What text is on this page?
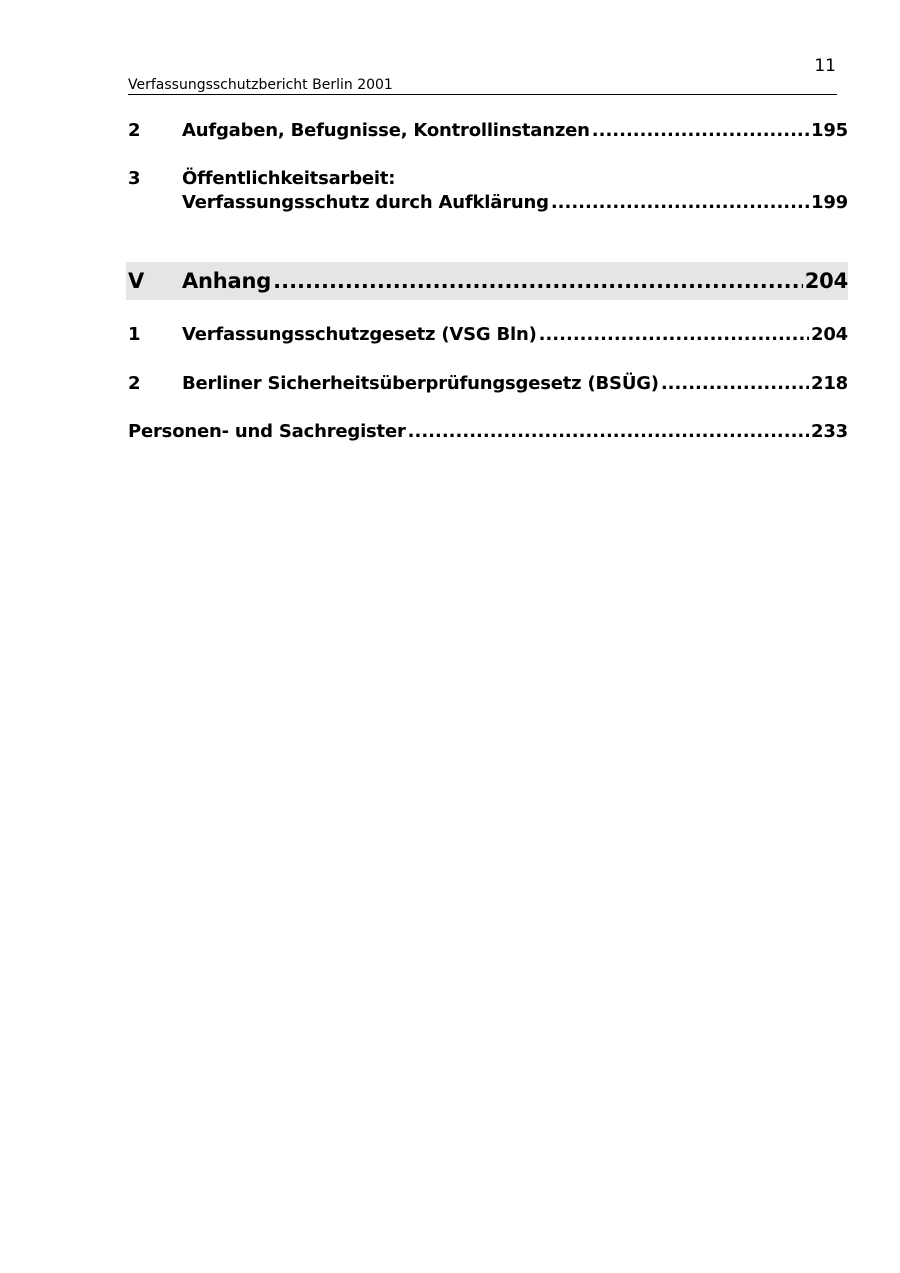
11
Verfassungsschutzbericht Berlin 2001
2	Aufgaben, Befugnisse, Kontrollinstanzen .....	195
3	Öffentlichkeitsarbeit:
Verfassungsschutz durch Aufklärung .....	199
V	Anhang .....	204
1	Verfassungsschutzgesetz (VSG Bln) .....	204
2	Berliner Sicherheitsüberprüfungsgesetz (BSÜG) .....	218
Personen- und Sachregister .....	233
